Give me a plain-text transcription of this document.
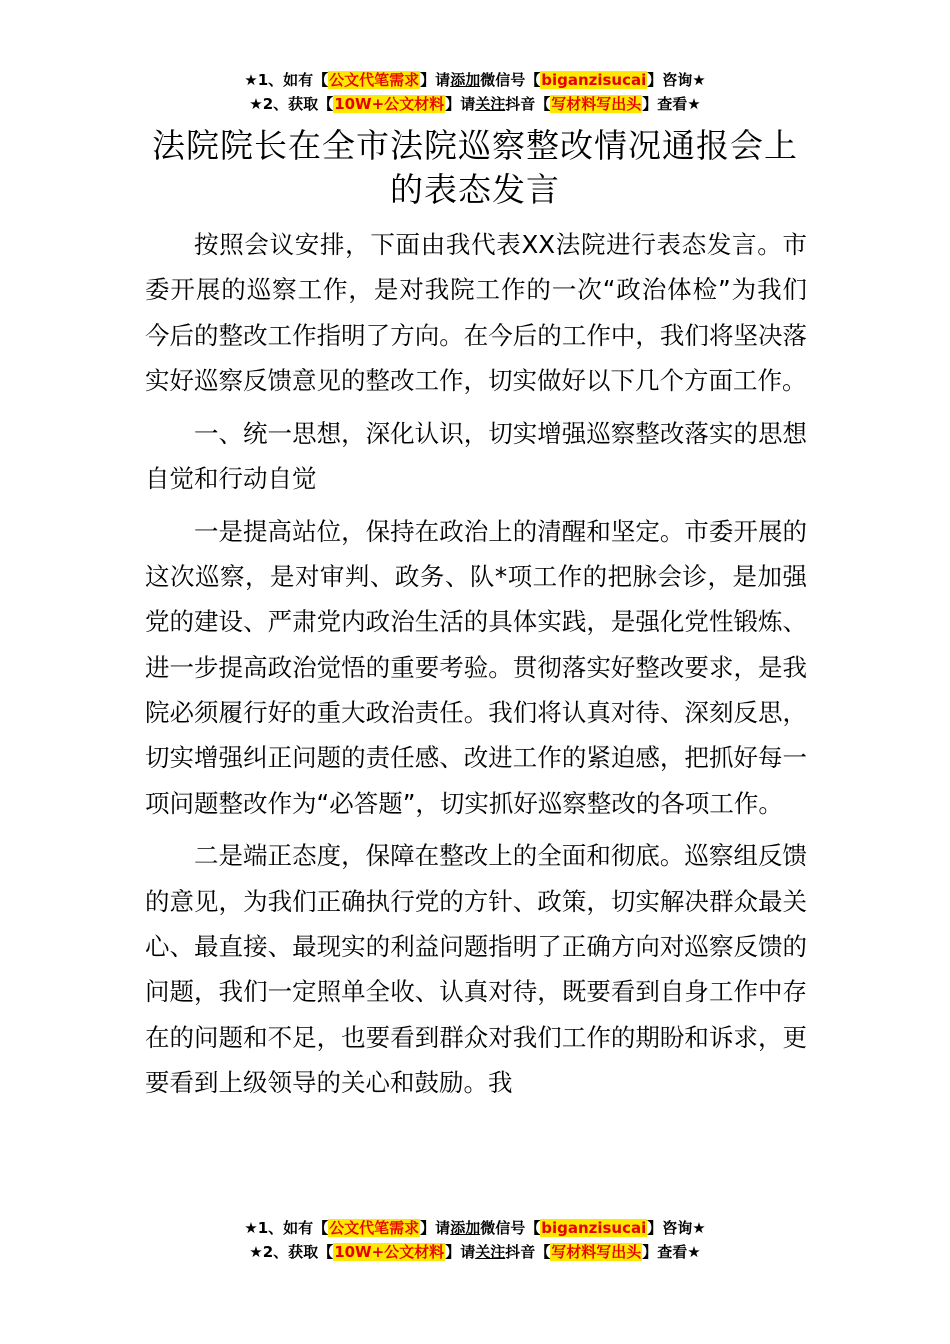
★1、如有【公文代笔需求】请添加微信号【biganzisucai】咨询★
★2、获取【10W+公文材料】请关注抖音【写材料写出头】查看★
法院院长在全市法院巡察整改情况通报会上的表态发言

按照会议安排，下面由我代表XX法院进行表态发言。市委开展的巡察工作，是对我院工作的一次“政治体检”为我们今后的整改工作指明了方向。在今后的工作中，我们将坚决落实好巡察反馈意见的整改工作，切实做好以下几个方面工作。

一、统一思想，深化认识，切实增强巡察整改落实的思想自觉和行动自觉

一是提高站位，保持在政治上的清醒和坚定。市委开展的这次巡察，是对审判、政务、队*项工作的把脉会诊，是加强党的建设、严肃党内政治生活的具体实践，是强化党性锻炼、进一步提高政治觉悟的重要考验。贯彻落实好整改要求，是我院必须履行好的重大政治责任。我们将认真对待、深刻反思，切实增强纠正问题的责任感、改进工作的紧迫感，把抓好每一项问题整改作为“必答题”，切实抓好巡察整改的各项工作。

二是端正态度，保障在整改上的全面和彻底。巡察组反馈的意见，为我们正确执行党的方针、政策，切实解决群众最关心、最直接、最现实的利益问题指明了正确方向对巡察反馈的问题，我们一定照单全收、认真对待，既要看到自身工作中存在的问题和不足，也要看到群众对我们工作的期盼和诉求，更要看到上级领导的关心和鼓励。我

★1、如有【公文代笔需求】请添加微信号【biganzisucai】咨询★
★2、获取【10W+公文材料】请关注抖音【写材料写出头】查看★
